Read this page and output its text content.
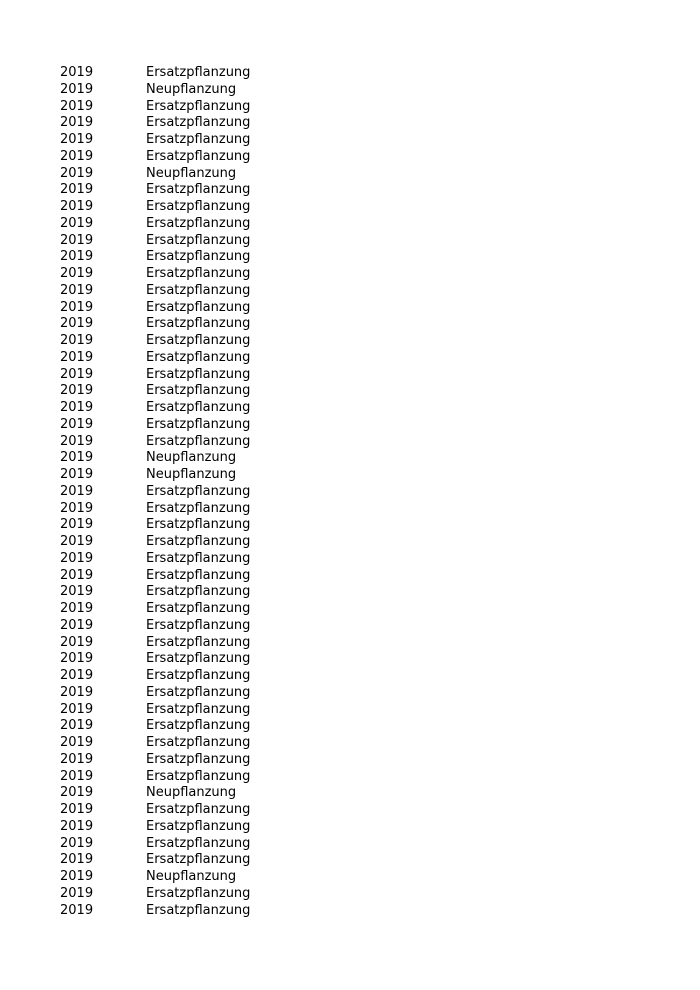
2019	Ersatzpflanzung
2019	Neupflanzung
2019	Ersatzpflanzung
2019	Ersatzpflanzung
2019	Ersatzpflanzung
2019	Ersatzpflanzung
2019	Neupflanzung
2019	Ersatzpflanzung
2019	Ersatzpflanzung
2019	Ersatzpflanzung
2019	Ersatzpflanzung
2019	Ersatzpflanzung
2019	Ersatzpflanzung
2019	Ersatzpflanzung
2019	Ersatzpflanzung
2019	Ersatzpflanzung
2019	Ersatzpflanzung
2019	Ersatzpflanzung
2019	Ersatzpflanzung
2019	Ersatzpflanzung
2019	Ersatzpflanzung
2019	Ersatzpflanzung
2019	Ersatzpflanzung
2019	Neupflanzung
2019	Neupflanzung
2019	Ersatzpflanzung
2019	Ersatzpflanzung
2019	Ersatzpflanzung
2019	Ersatzpflanzung
2019	Ersatzpflanzung
2019	Ersatzpflanzung
2019	Ersatzpflanzung
2019	Ersatzpflanzung
2019	Ersatzpflanzung
2019	Ersatzpflanzung
2019	Ersatzpflanzung
2019	Ersatzpflanzung
2019	Ersatzpflanzung
2019	Ersatzpflanzung
2019	Ersatzpflanzung
2019	Ersatzpflanzung
2019	Ersatzpflanzung
2019	Ersatzpflanzung
2019	Neupflanzung
2019	Ersatzpflanzung
2019	Ersatzpflanzung
2019	Ersatzpflanzung
2019	Ersatzpflanzung
2019	Neupflanzung
2019	Ersatzpflanzung
2019	Ersatzpflanzung
